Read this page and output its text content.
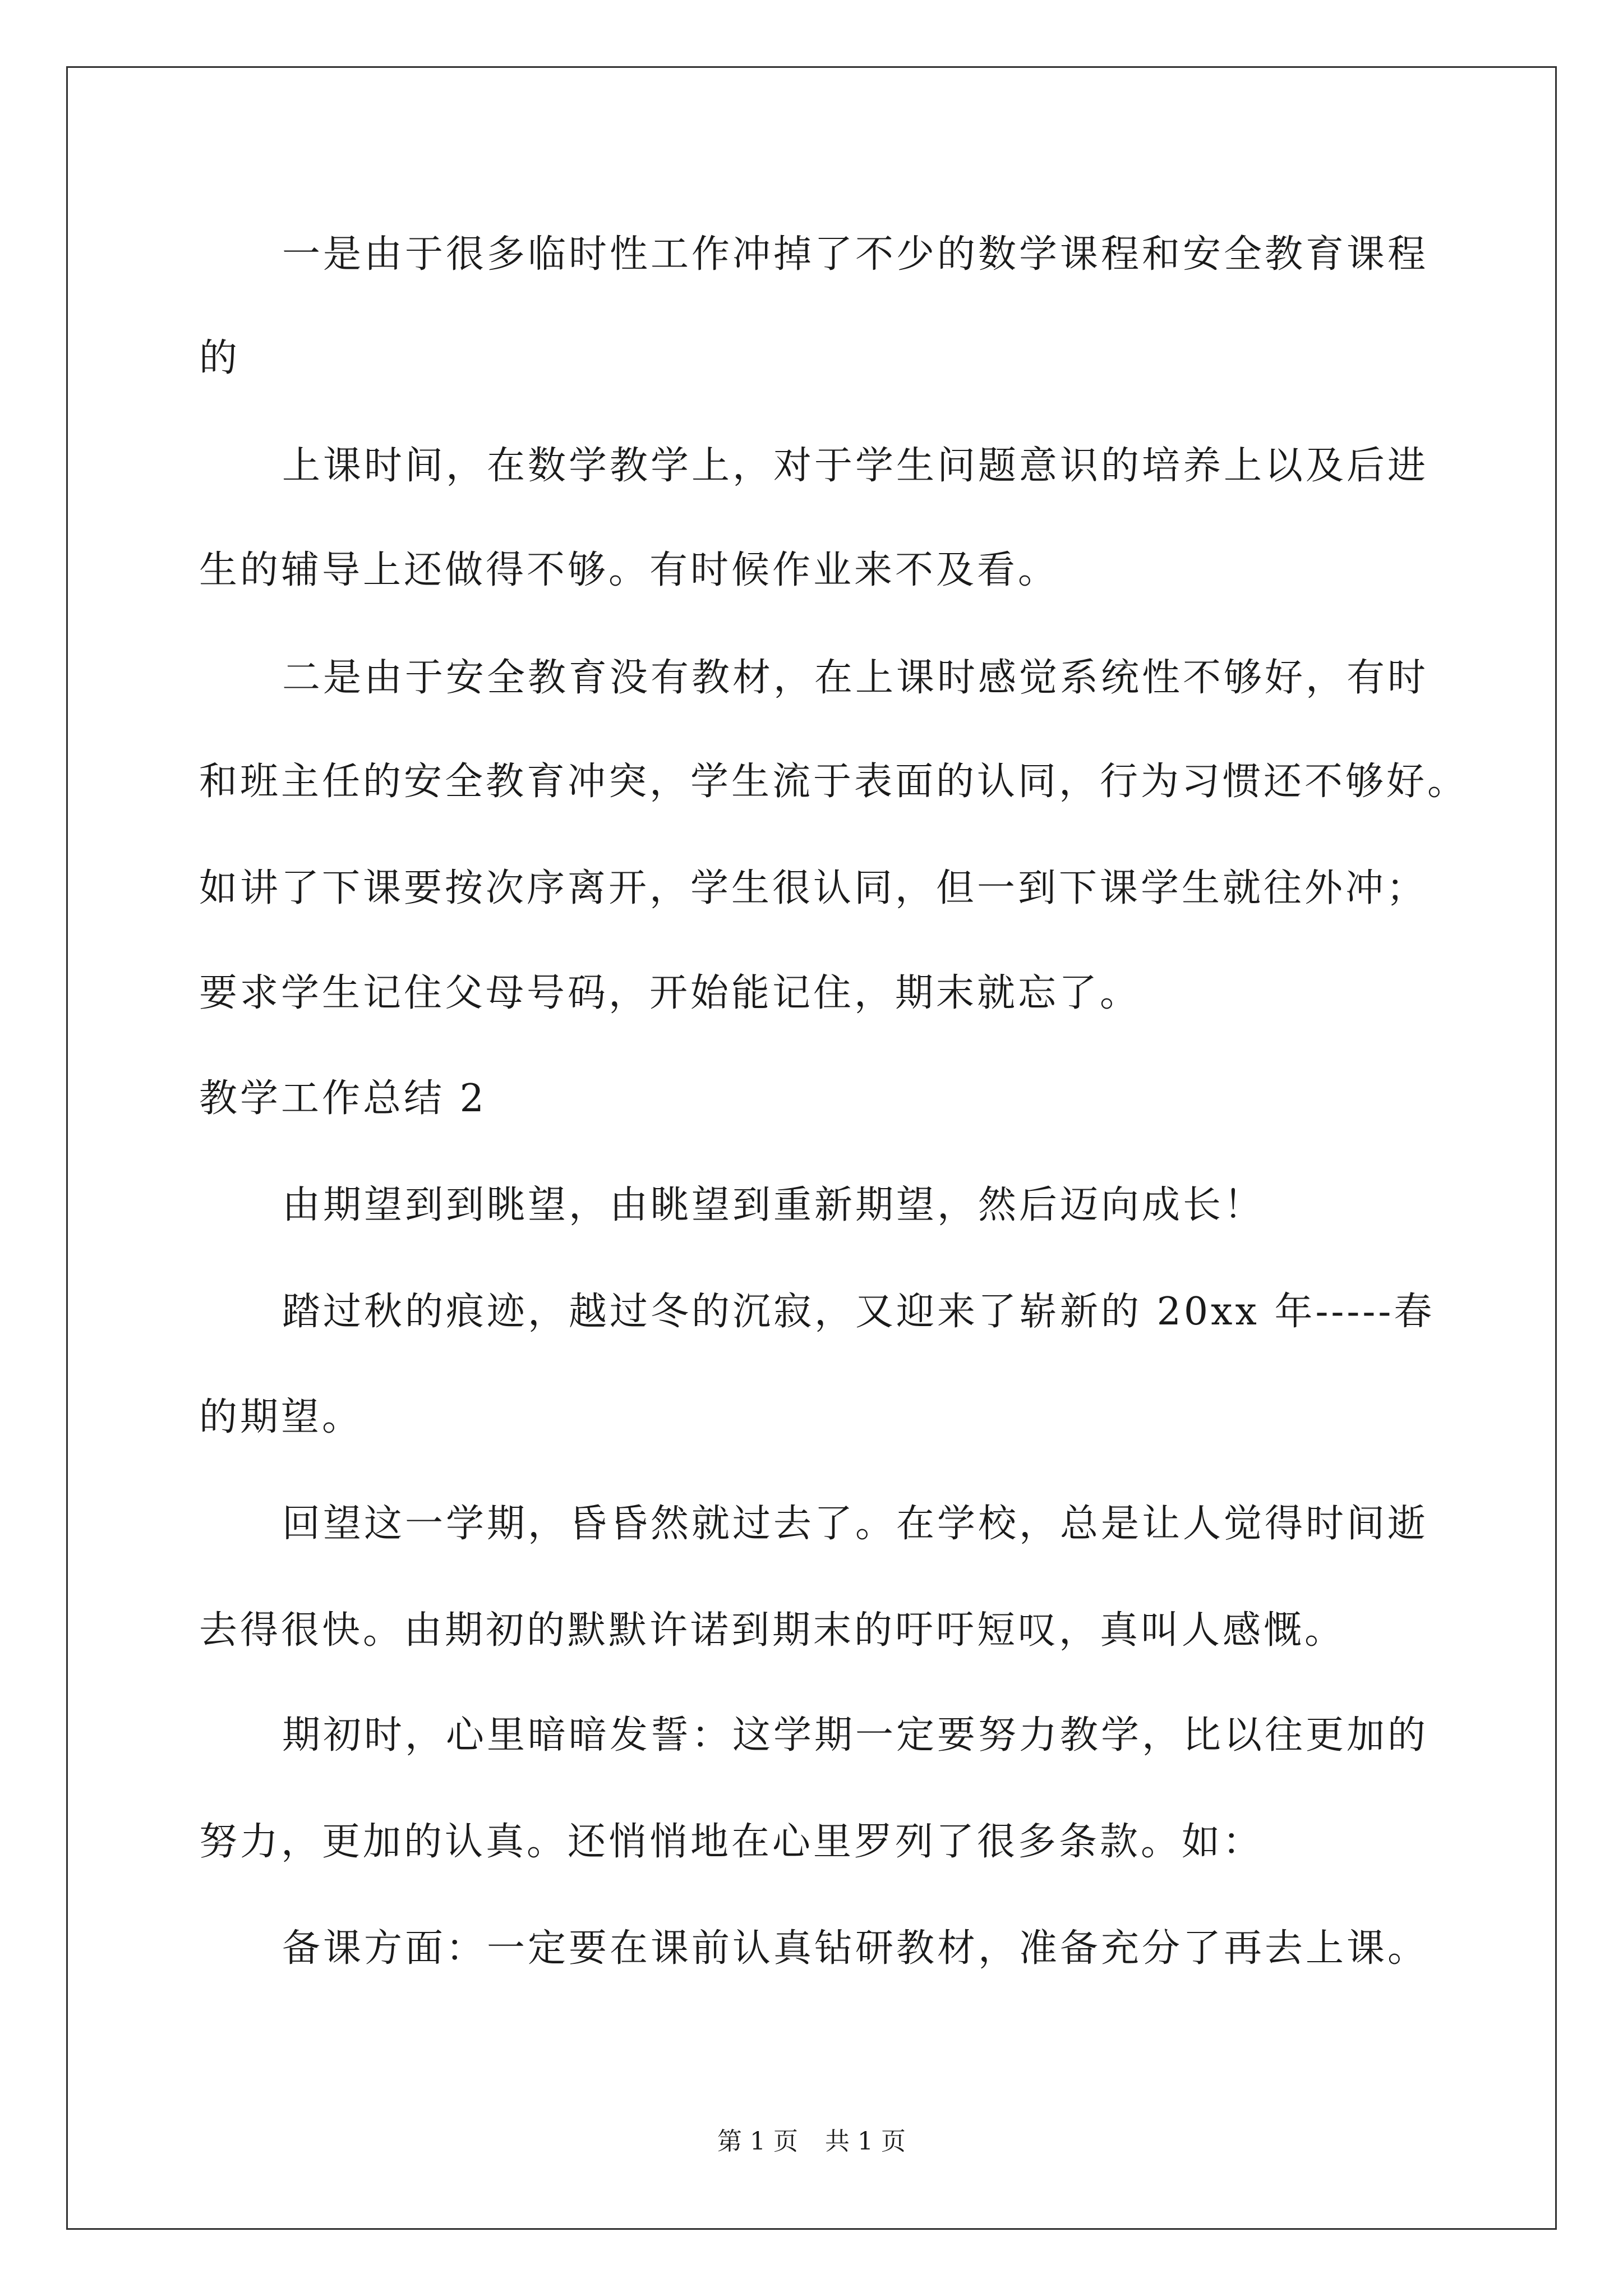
一是由于很多临时性工作冲掉了不少的数学课程和安全教育课程
的
上课时间，在数学教学上，对于学生问题意识的培养上以及后进
生的辅导上还做得不够。有时候作业来不及看。
二是由于安全教育没有教材，在上课时感觉系统性不够好，有时
和班主任的安全教育冲突，学生流于表面的认同，行为习惯还不够好。
如讲了下课要按次序离开，学生很认同，但一到下课学生就往外冲；
要求学生记住父母号码，开始能记住，期末就忘了。
教学工作总结 2
由期望到到眺望，由眺望到重新期望，然后迈向成长！
踏过秋的痕迹，越过冬的沉寂，又迎来了崭新的 20xx 年-----春
的期望。
回望这一学期，昏昏然就过去了。在学校，总是让人觉得时间逝
去得很快。由期初的默默许诺到期末的吁吁短叹，真叫人感慨。
期初时，心里暗暗发誓：这学期一定要努力教学，比以往更加的
努力，更加的认真。还悄悄地在心里罗列了很多条款。如：
备课方面：一定要在课前认真钻研教材，准备充分了再去上课。
第 1 页 共 1 页
